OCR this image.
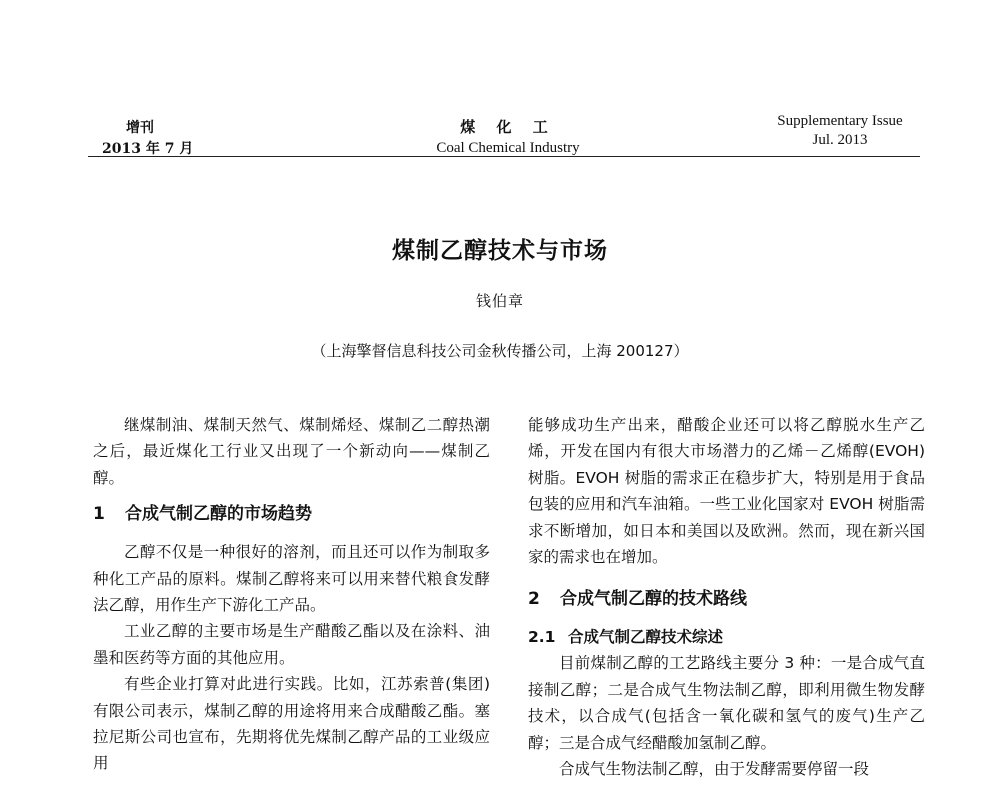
增刊
2013 年 7 月
煤 化 工
Coal Chemical Industry
Supplementary Issue
Jul. 2013
煤制乙醇技术与市场
钱伯章
（上海擎督信息科技公司金秋传播公司，上海 200127）

继煤制油、煤制天然气、煤制烯烃、煤制乙二醇热潮之后，最近煤化工行业又出现了一个新动向——煤制乙醇。

1 合成气制乙醇的市场趋势

乙醇不仅是一种很好的溶剂，而且还可以作为制取多种化工产品的原料。煤制乙醇将来可以用来替代粮食发酵法乙醇，用作生产下游化工产品。

工业乙醇的主要市场是生产醋酸乙酯以及在涂料、油墨和医药等方面的其他应用。

有些企业打算对此进行实践。比如，江苏索普(集团)有限公司表示，煤制乙醇的用途将用来合成醋酸乙酯。塞拉尼斯公司也宣布，先期将优先煤制乙醇产品的工业级应用

能够成功生产出来，醋酸企业还可以将乙醇脱水生产乙烯，开发在国内有很大市场潜力的乙烯－乙烯醇(EVOH)树脂。EVOH 树脂的需求正在稳步扩大，特别是用于食品包装的应用和汽车油箱。一些工业化国家对 EVOH 树脂需求不断增加，如日本和美国以及欧洲。然而，现在新兴国家的需求也在增加。

2 合成气制乙醇的技术路线
2.1 合成气制乙醇技术综述

目前煤制乙醇的工艺路线主要分 3 种：一是合成气直接制乙醇；二是合成气生物法制乙醇，即利用微生物发酵技术，以合成气(包括含一氧化碳和氢气的废气)生产乙醇；三是合成气经醋酸加氢制乙醇。

合成气生物法制乙醇，由于发酵需要停留一段
